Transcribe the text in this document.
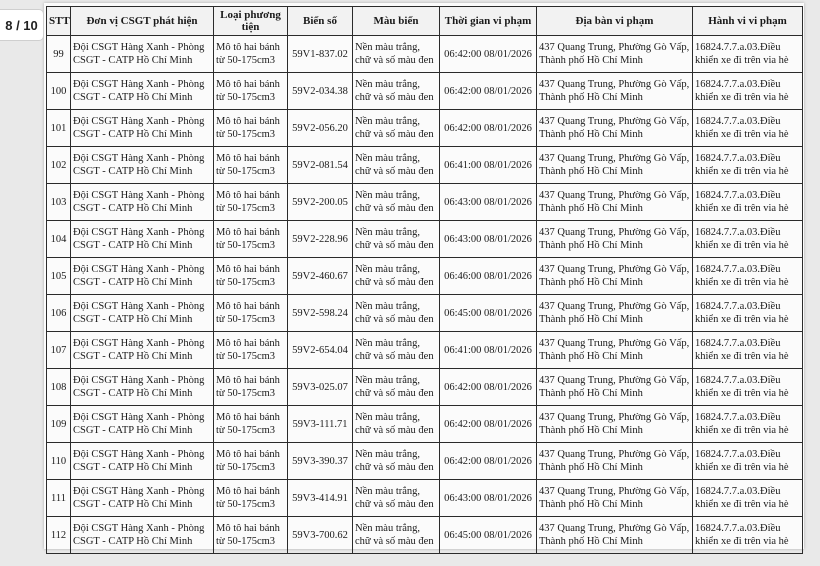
8 / 10	STT	Đơn vị CSGT phát hiện	Loại phương tiện	Biển số	Màu biển	Thời gian vi phạm	Địa bàn vi phạm	Hành vi vi phạm
99	Đội CSGT Hàng Xanh - Phòng CSGT - CATP Hồ Chí Minh	Mô tô hai bánh từ 50-175cm3	59V1-837.02	Nền màu trắng, chữ và số màu đen	06:42:00 08/01/2026	437 Quang Trung, Phường Gò Vấp, Thành phố Hồ Chí Minh	16824.7.7.a.03.Điều khiển xe đi trên via hè
100	Đội CSGT Hàng Xanh - Phòng CSGT - CATP Hồ Chí Minh	Mô tô hai bánh từ 50-175cm3	59V2-034.38	Nền màu trắng, chữ và số màu đen	06:42:00 08/01/2026	437 Quang Trung, Phường Gò Vấp, Thành phố Hồ Chí Minh	16824.7.7.a.03.Điều khiển xe đi trên via hè
101	Đội CSGT Hàng Xanh - Phòng CSGT - CATP Hồ Chí Minh	Mô tô hai bánh từ 50-175cm3	59V2-056.20	Nền màu trắng, chữ và số màu đen	06:42:00 08/01/2026	437 Quang Trung, Phường Gò Vấp, Thành phố Hồ Chí Minh	16824.7.7.a.03.Điều khiển xe đi trên via hè
102	Đội CSGT Hàng Xanh - Phòng CSGT - CATP Hồ Chí Minh	Mô tô hai bánh từ 50-175cm3	59V2-081.54	Nền màu trắng, chữ và số màu đen	06:41:00 08/01/2026	437 Quang Trung, Phường Gò Vấp, Thành phố Hồ Chí Minh	16824.7.7.a.03.Điều khiển xe đi trên via hè
103	Đội CSGT Hàng Xanh - Phòng CSGT - CATP Hồ Chí Minh	Mô tô hai bánh từ 50-175cm3	59V2-200.05	Nền màu trắng, chữ và số màu đen	06:43:00 08/01/2026	437 Quang Trung, Phường Gò Vấp, Thành phố Hồ Chí Minh	16824.7.7.a.03.Điều khiển xe đi trên via hè
104	Đội CSGT Hàng Xanh - Phòng CSGT - CATP Hồ Chí Minh	Mô tô hai bánh từ 50-175cm3	59V2-228.96	Nền màu trắng, chữ và số màu đen	06:43:00 08/01/2026	437 Quang Trung, Phường Gò Vấp, Thành phố Hồ Chí Minh	16824.7.7.a.03.Điều khiển xe đi trên via hè
105	Đội CSGT Hàng Xanh - Phòng CSGT - CATP Hồ Chí Minh	Mô tô hai bánh từ 50-175cm3	59V2-460.67	Nền màu trắng, chữ và số màu đen	06:46:00 08/01/2026	437 Quang Trung, Phường Gò Vấp, Thành phố Hồ Chí Minh	16824.7.7.a.03.Điều khiển xe đi trên via hè
106	Đội CSGT Hàng Xanh - Phòng CSGT - CATP Hồ Chí Minh	Mô tô hai bánh từ 50-175cm3	59V2-598.24	Nền màu trắng, chữ và số màu đen	06:45:00 08/01/2026	437 Quang Trung, Phường Gò Vấp, Thành phố Hồ Chí Minh	16824.7.7.a.03.Điều khiển xe đi trên via hè
107	Đội CSGT Hàng Xanh - Phòng CSGT - CATP Hồ Chí Minh	Mô tô hai bánh từ 50-175cm3	59V2-654.04	Nền màu trắng, chữ và số màu đen	06:41:00 08/01/2026	437 Quang Trung, Phường Gò Vấp, Thành phố Hồ Chí Minh	16824.7.7.a.03.Điều khiển xe đi trên via hè
108	Đội CSGT Hàng Xanh - Phòng CSGT - CATP Hồ Chí Minh	Mô tô hai bánh từ 50-175cm3	59V3-025.07	Nền màu trắng, chữ và số màu đen	06:42:00 08/01/2026	437 Quang Trung, Phường Gò Vấp, Thành phố Hồ Chí Minh	16824.7.7.a.03.Điều khiển xe đi trên via hè
109	Đội CSGT Hàng Xanh - Phòng CSGT - CATP Hồ Chí Minh	Mô tô hai bánh từ 50-175cm3	59V3-111.71	Nền màu trắng, chữ và số màu đen	06:42:00 08/01/2026	437 Quang Trung, Phường Gò Vấp, Thành phố Hồ Chí Minh	16824.7.7.a.03.Điều khiển xe đi trên via hè
110	Đội CSGT Hàng Xanh - Phòng CSGT - CATP Hồ Chí Minh	Mô tô hai bánh từ 50-175cm3	59V3-390.37	Nền màu trắng, chữ và số màu đen	06:42:00 08/01/2026	437 Quang Trung, Phường Gò Vấp, Thành phố Hồ Chí Minh	16824.7.7.a.03.Điều khiển xe đi trên via hè
111	Đội CSGT Hàng Xanh - Phòng CSGT - CATP Hồ Chí Minh	Mô tô hai bánh từ 50-175cm3	59V3-414.91	Nền màu trắng, chữ và số màu đen	06:43:00 08/01/2026	437 Quang Trung, Phường Gò Vấp, Thành phố Hồ Chí Minh	16824.7.7.a.03.Điều khiển xe đi trên via hè
112	Đội CSGT Hàng Xanh - Phòng CSGT - CATP Hồ Chí Minh	Mô tô hai bánh từ 50-175cm3	59V3-700.62	Nền màu trắng, chữ và số màu đen	06:45:00 08/01/2026	437 Quang Trung, Phường Gò Vấp, Thành phố Hồ Chí Minh	16824.7.7.a.03.Điều khiển xe đi trên via hè
